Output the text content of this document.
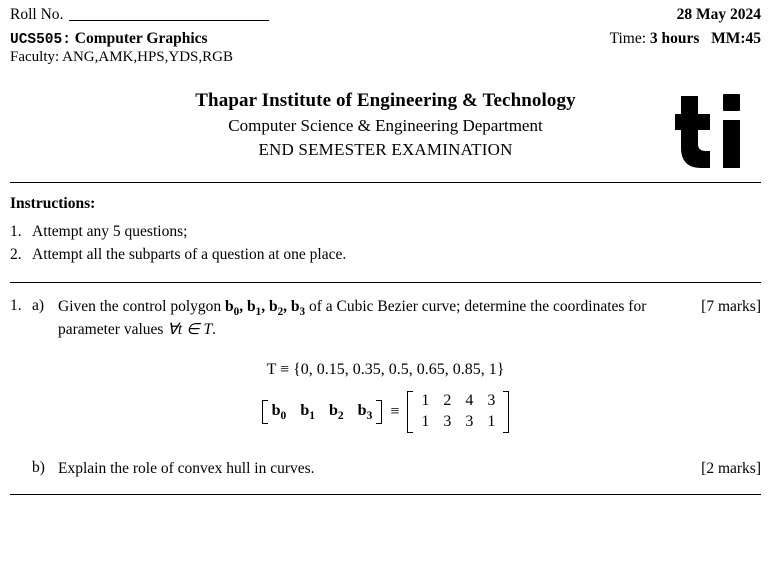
Roll No.	28 May 2024
UCS505: Computer Graphics	Time: 3 hours MM:45
Faculty: ANG,AMK,HPS,YDS,RGB
Thapar Institute of Engineering & Technology
Computer Science & Engineering Department
END SEMESTER EXAMINATION
Instructions:
1. Attempt any 5 questions;
2. Attempt all the subparts of a question at one place.
1. a)	[7 marks]
Given the control polygon $b_0$, $b_1$, $b_2$, $b_3$ of a Cubic Bezier curve; determine the coordinates for parameter values ∀t ∈ T.
T ≡ {0, 0.15, 0.35, 0.5, 0.65, 0.85, 1}
$b_0$ $b_1$ $b_2$ $b_3$ ≡
1	2	4	3
1	3	3	1
b)	[2 marks]
Explain the role of convex hull in curves.
